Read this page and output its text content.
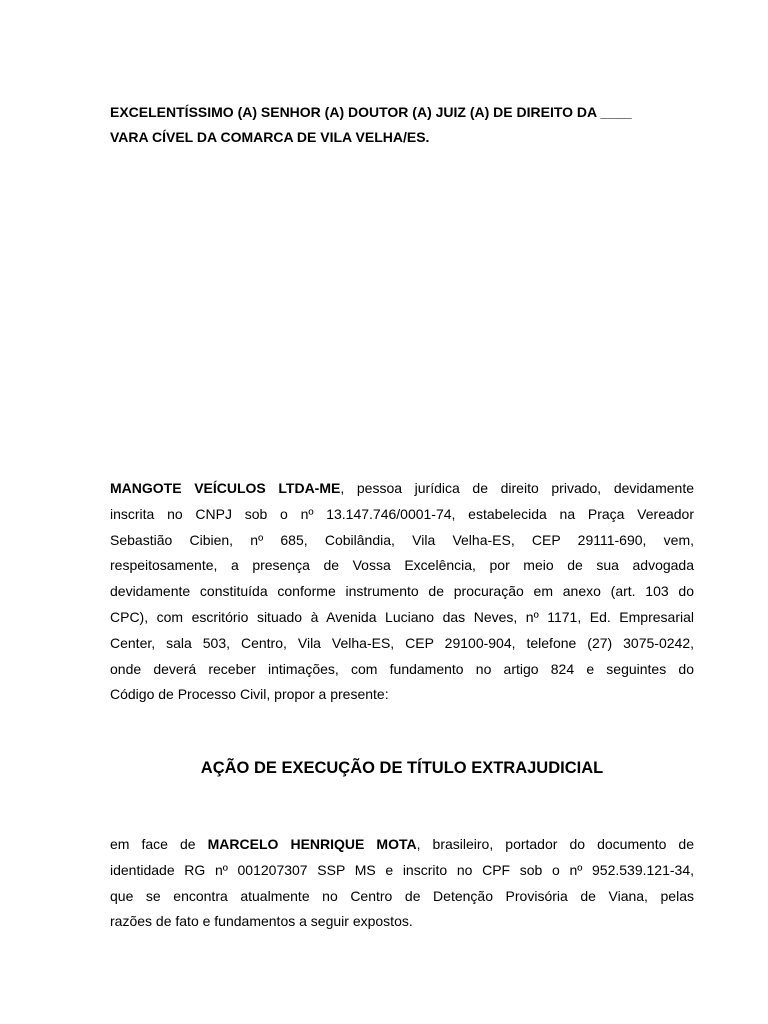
EXCELENTÍSSIMO (A) SENHOR (A) DOUTOR (A) JUIZ (A) DE DIREITO DA ____
VARA CÍVEL DA COMARCA DE VILA VELHA/ES.
MANGOTE VEÍCULOS LTDA-ME, pessoa jurídica de direito privado, devidamente
inscrita no CNPJ sob o nº 13.147.746/0001-74, estabelecida na Praça Vereador
Sebastião Cibien, nº 685, Cobilândia, Vila Velha-ES, CEP 29111-690, vem,
respeitosamente, a presença de Vossa Excelência, por meio de sua advogada
devidamente constituída conforme instrumento de procuração em anexo (art. 103 do
CPC), com escritório situado à Avenida Luciano das Neves, nº 1171, Ed. Empresarial
Center, sala 503, Centro, Vila Velha-ES, CEP 29100-904, telefone (27) 3075-0242,
onde deverá receber intimações, com fundamento no artigo 824 e seguintes do
Código de Processo Civil, propor a presente:
AÇÃO DE EXECUÇÃO DE TÍTULO EXTRAJUDICIAL
em face de MARCELO HENRIQUE MOTA, brasileiro, portador do documento de
identidade RG nº 001207307 SSP MS e inscrito no CPF sob o nº 952.539.121-34,
que se encontra atualmente no Centro de Detenção Provisória de Viana, pelas
razões de fato e fundamentos a seguir expostos.
